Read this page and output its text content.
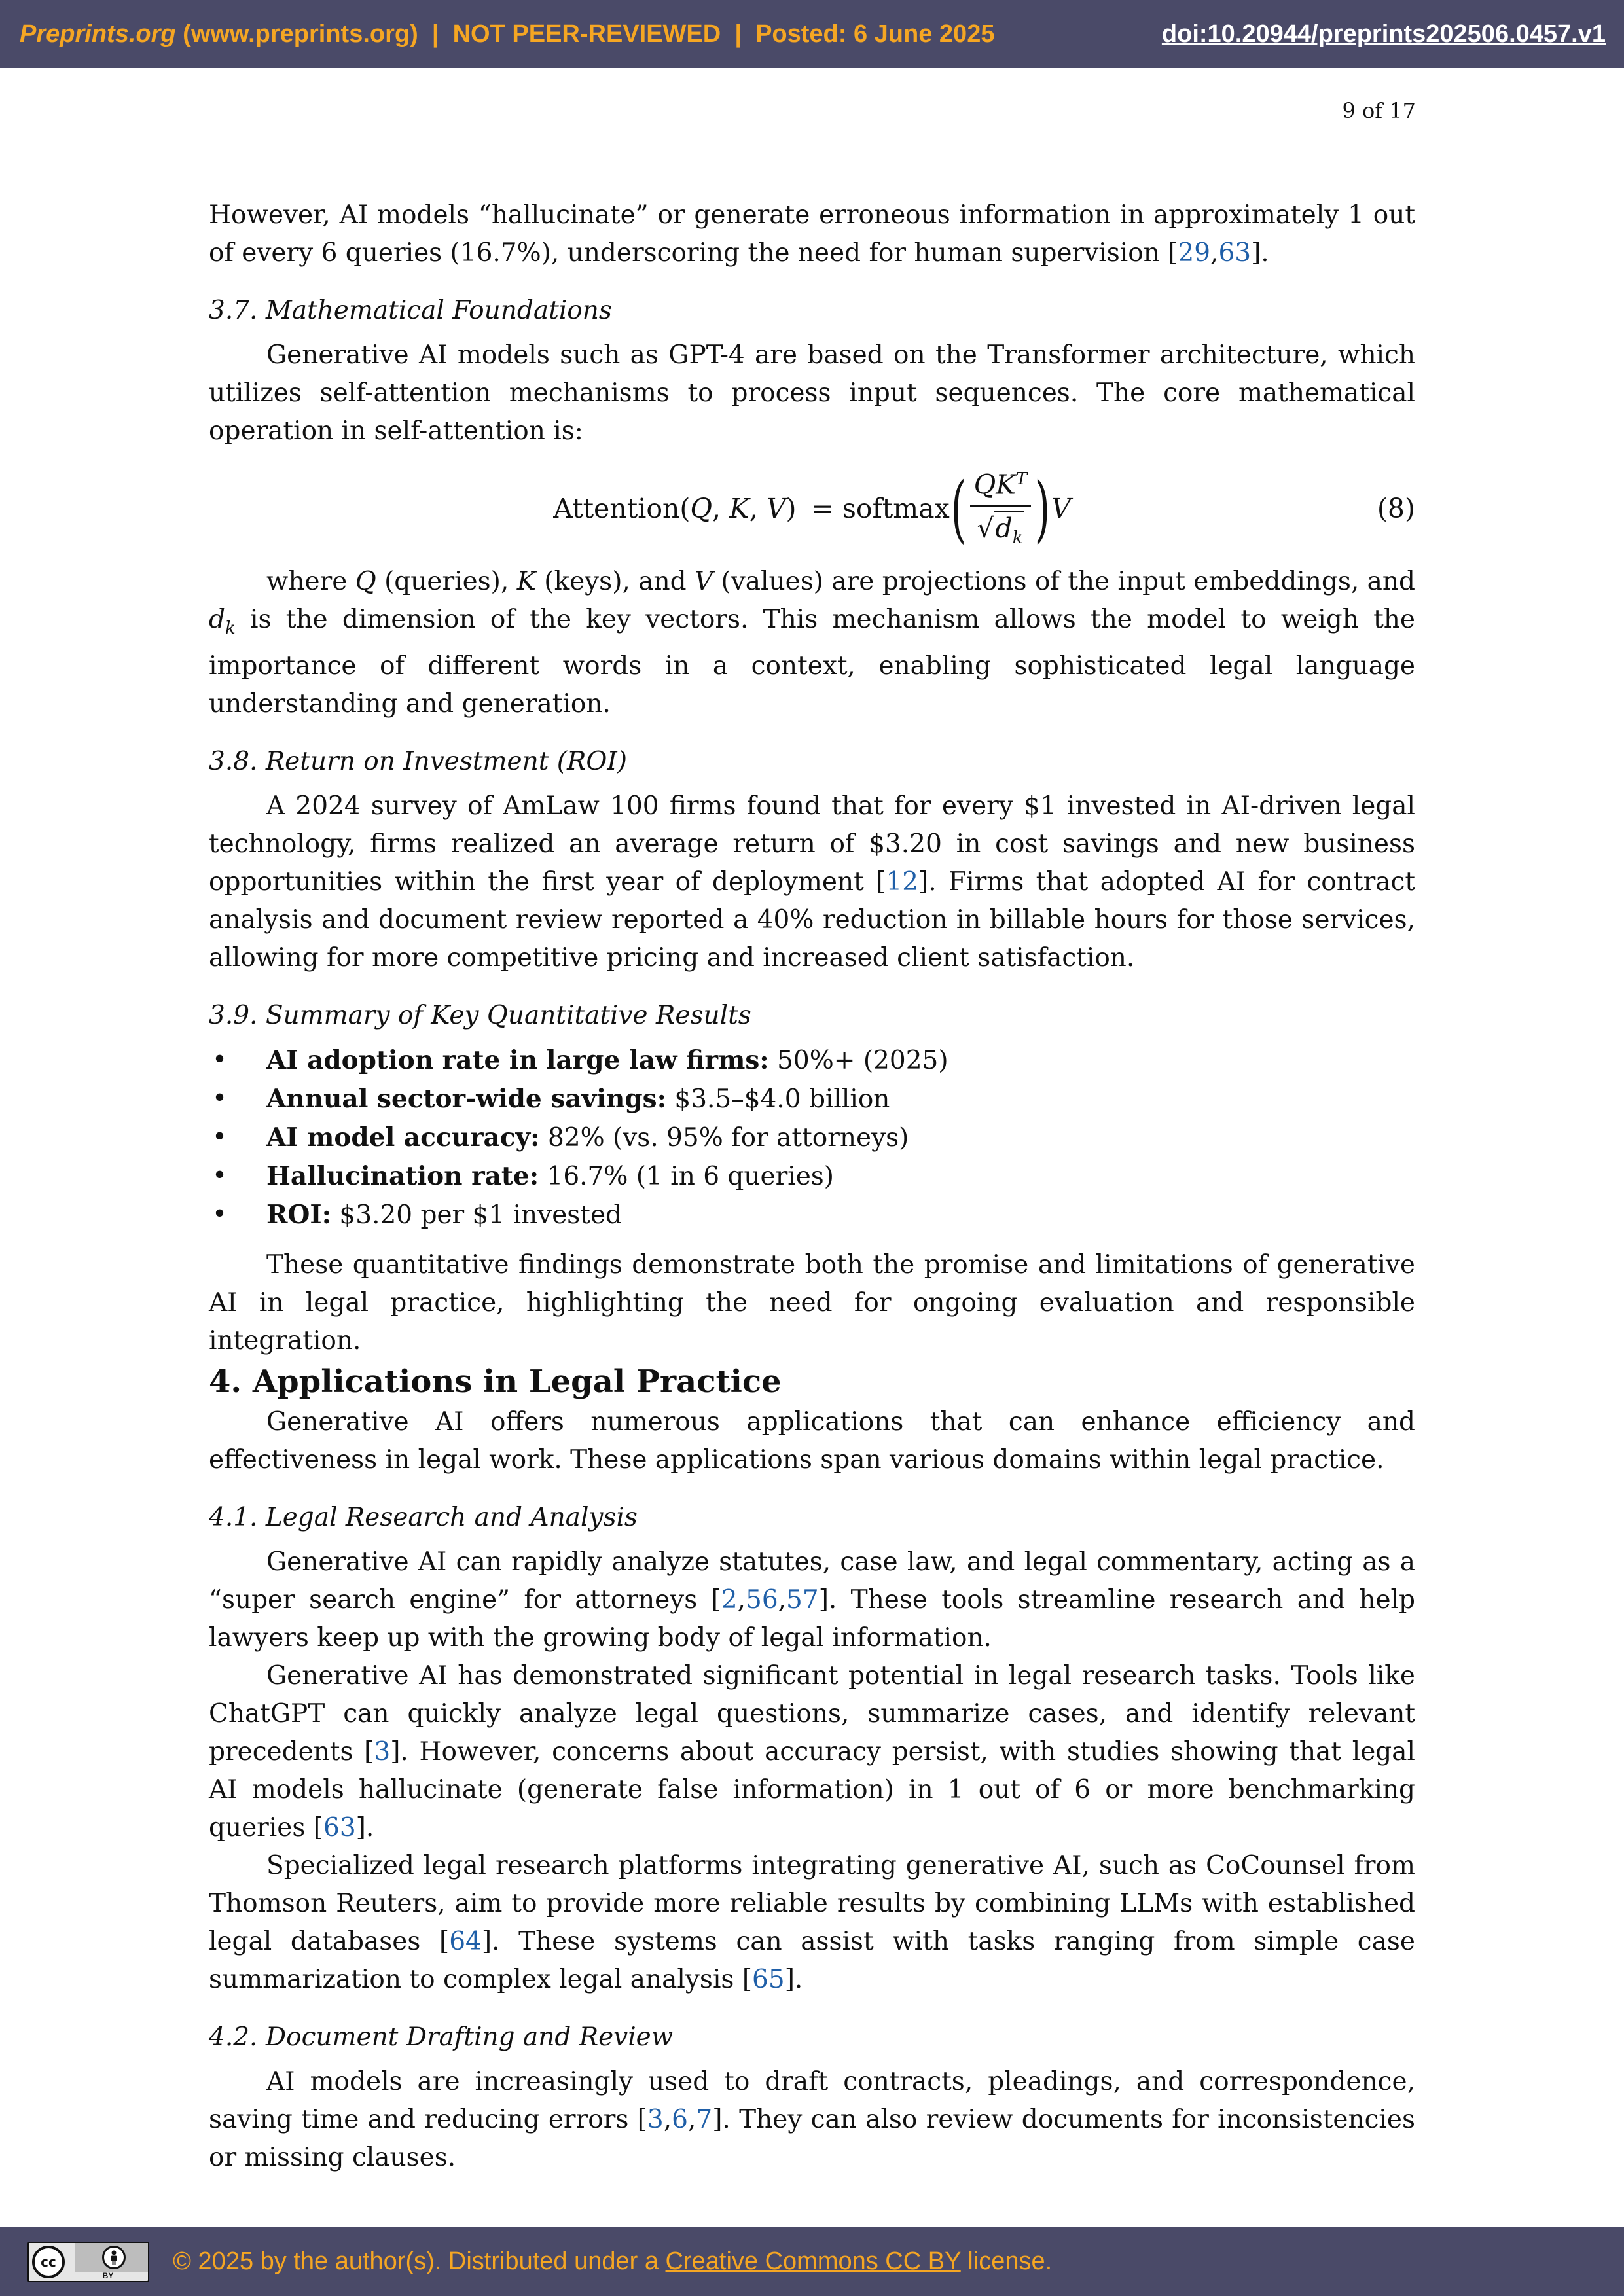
Preprints.org (www.preprints.org)  |  NOT PEER-REVIEWED  |  Posted: 6 June 2025	doi:10.20944/preprints202506.0457.v1
9 of 17

However, AI models “hallucinate” or generate erroneous information in approximately 1 out of every 6 queries (16.7%), underscoring the need for human supervision [29,63].

3.7. Mathematical Foundations

Generative AI models such as GPT-4 are based on the Transformer architecture, which utilizes self-attention mechanisms to process input sequences. The core mathematical operation in self-attention is:

Attention ( Q , K , V ) = softmax ( $\frac{QK^T}{√d_k}$ ) V	(8)

where Q (queries), K (keys), and V (values) are projections of the input embeddings, and $d_k$ is the dimension of the key vectors. This mechanism allows the model to weigh the importance of different words in a context, enabling sophisticated legal language understanding and generation.

3.8. Return on Investment (ROI)

A 2024 survey of AmLaw 100 firms found that for every $1 invested in AI-driven legal technology, firms realized an average return of $3.20 in cost savings and new business opportunities within the first year of deployment [12]. Firms that adopted AI for contract analysis and document review reported a 40% reduction in billable hours for those services, allowing for more competitive pricing and increased client satisfaction.

3.9. Summary of Key Quantitative Results

• AI adoption rate in large law firms: 50%+ (2025)
• Annual sector-wide savings: $3.5–$4.0 billion
• AI model accuracy: 82% (vs. 95% for attorneys)
• Hallucination rate: 16.7% (1 in 6 queries)
• ROI: $3.20 per $1 invested

These quantitative findings demonstrate both the promise and limitations of generative AI in legal practice, highlighting the need for ongoing evaluation and responsible integration.

4. Applications in Legal Practice

Generative AI offers numerous applications that can enhance efficiency and effectiveness in legal work. These applications span various domains within legal practice.

4.1. Legal Research and Analysis

Generative AI can rapidly analyze statutes, case law, and legal commentary, acting as a “super search engine” for attorneys [2,56,57]. These tools streamline research and help lawyers keep up with the growing body of legal information.

Generative AI has demonstrated significant potential in legal research tasks. Tools like ChatGPT can quickly analyze legal questions, summarize cases, and identify relevant precedents [3]. However, concerns about accuracy persist, with studies showing that legal AI models hallucinate (generate false information) in 1 out of 6 or more benchmarking queries [63].

Specialized legal research platforms integrating generative AI, such as CoCounsel from Thomson Reuters, aim to provide more reliable results by combining LLMs with established legal databases [64]. These systems can assist with tasks ranging from simple case summarization to complex legal analysis [65].

4.2. Document Drafting and Review

AI models are increasingly used to draft contracts, pleadings, and correspondence, saving time and reducing errors [3,6,7]. They can also review documents for inconsistencies or missing clauses.

cc
BY
© 2025 by the author(s). Distributed under a Creative Commons CC BY license.
